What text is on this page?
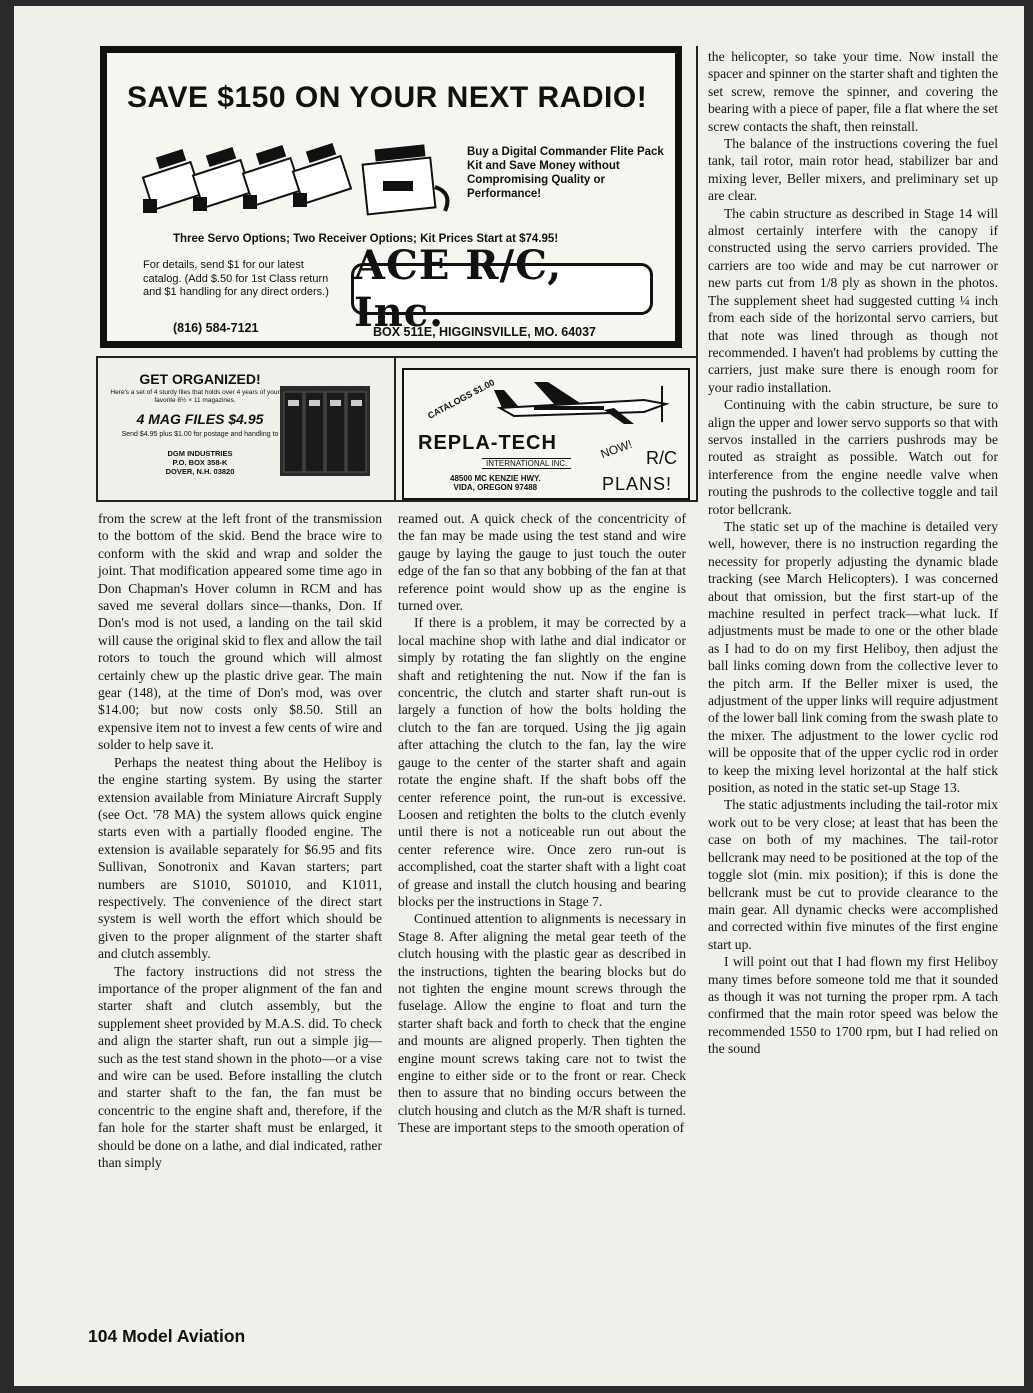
SAVE $150 ON YOUR NEXT RADIO!
Buy a Digital Commander Flite Pack Kit and Save Money without Compromising Quality or Performance!
Three Servo Options; Two Receiver Options; Kit Prices Start at $74.95!
For details, send $1 for our latest catalog. (Add $.50 for 1st Class return and $1 handling for any direct orders.)
(816) 584-7121
ACE R/C, Inc.
BOX 511E, HIGGINSVILLE, MO. 64037
GET ORGANIZED!
Here's a set of 4 sturdy files that holds over 4 years of your favorite 8½ × 11 magazines.
4 MAG FILES $4.95
Send $4.95 plus $1.00 for postage and handling to
DGM INDUSTRIES
P.O. BOX 358-K
DOVER, N.H. 03820
CATALOGS $1.00
REPLA-TECH
INTERNATIONAL INC.
48500 MC KENZIE HWY.
VIDA, OREGON 97488
NOW! R/C
PLANS!

from the screw at the left front of the transmission to the bottom of the skid. Bend the brace wire to conform with the skid and wrap and solder the joint. That modification appeared some time ago in Don Chapman's Hover column in RCM and has saved me several dollars since—thanks, Don. If Don's mod is not used, a landing on the tail skid will cause the original skid to flex and allow the tail rotors to touch the ground which will almost certainly chew up the plastic drive gear. The main gear (148), at the time of Don's mod, was over $14.00; but now costs only $8.50. Still an expensive item not to invest a few cents of wire and solder to help save it.

Perhaps the neatest thing about the Heliboy is the engine starting system. By using the starter extension available from Miniature Aircraft Supply (see Oct. '78 MA) the system allows quick engine starts even with a partially flooded engine. The extension is available separately for $6.95 and fits Sullivan, Sonotronix and Kavan starters; part numbers are S1010, S01010, and K1011, respectively. The convenience of the direct start system is well worth the effort which should be given to the proper alignment of the starter shaft and clutch assembly.

The factory instructions did not stress the importance of the proper alignment of the fan and starter shaft and clutch assembly, but the supplement sheet provided by M.A.S. did. To check and align the starter shaft, run out a simple jig—such as the test stand shown in the photo—or a vise and wire can be used. Before installing the clutch and starter shaft to the fan, the fan must be concentric to the engine shaft and, therefore, if the fan hole for the starter shaft must be enlarged, it should be done on a lathe, and dial indicated, rather than simply

reamed out. A quick check of the concentricity of the fan may be made using the test stand and wire gauge by laying the gauge to just touch the outer edge of the fan so that any bobbing of the fan at that reference point would show up as the engine is turned over.

If there is a problem, it may be corrected by a local machine shop with lathe and dial indicator or simply by rotating the fan slightly on the engine shaft and retightening the nut. Now if the fan is concentric, the clutch and starter shaft run-out is largely a function of how the bolts holding the clutch to the fan are torqued. Using the jig again after attaching the clutch to the fan, lay the wire gauge to the center of the starter shaft and again rotate the engine shaft. If the shaft bobs off the center reference point, the run-out is excessive. Loosen and retighten the bolts to the clutch evenly until there is not a noticeable run out about the center reference wire. Once zero run-out is accomplished, coat the starter shaft with a light coat of grease and install the clutch housing and bearing blocks per the instructions in Stage 7.

Continued attention to alignments is necessary in Stage 8. After aligning the metal gear teeth of the clutch housing with the plastic gear as described in the instructions, tighten the bearing blocks but do not tighten the engine mount screws through the fuselage. Allow the engine to float and turn the starter shaft back and forth to check that the engine and mounts are aligned properly. Then tighten the engine mount screws taking care not to twist the engine to either side or to the front or rear. Check then to assure that no binding occurs between the clutch housing and clutch as the M/R shaft is turned. These are important steps to the smooth operation of

the helicopter, so take your time. Now install the spacer and spinner on the starter shaft and tighten the set screw, remove the spinner, and covering the bearing with a piece of paper, file a flat where the set screw contacts the shaft, then reinstall.

The balance of the instructions covering the fuel tank, tail rotor, main rotor head, stabilizer bar and mixing lever, Beller mixers, and preliminary set up are clear.

The cabin structure as described in Stage 14 will almost certainly interfere with the canopy if constructed using the servo carriers provided. The carriers are too wide and may be cut narrower or new parts cut from 1/8 ply as shown in the photos. The supplement sheet had suggested cutting ¼ inch from each side of the horizontal servo carriers, but that note was lined through as though not recommended. I haven't had problems by cutting the carriers, just make sure there is enough room for your radio installation.

Continuing with the cabin structure, be sure to align the upper and lower servo supports so that with servos installed in the carriers pushrods may be routed as straight as possible. Watch out for interference from the engine needle valve when routing the pushrods to the collective toggle and tail rotor bellcrank.

The static set up of the machine is detailed very well, however, there is no instruction regarding the necessity for properly adjusting the dynamic blade tracking (see March Helicopters). I was concerned about that omission, but the first start-up of the machine resulted in perfect track—what luck. If adjustments must be made to one or the other blade as I had to do on my first Heliboy, then adjust the ball links coming down from the collective lever to the pitch arm. If the Beller mixer is used, the adjustment of the upper links will require adjustment of the lower ball link coming from the swash plate to the mixer. The adjustment to the lower cyclic rod will be opposite that of the upper cyclic rod in order to keep the mixing level horizontal at the half stick position, as noted in the static set-up Stage 13.

The static adjustments including the tail-rotor mix work out to be very close; at least that has been the case on both of my machines. The tail-rotor bellcrank may need to be positioned at the top of the toggle slot (min. mix position); if this is done the bellcrank must be cut to provide clearance to the main gear. All dynamic checks were accomplished and corrected within five minutes of the first engine start up.

I will point out that I had flown my first Heliboy many times before someone told me that it sounded as though it was not turning the proper rpm. A tach confirmed that the main rotor speed was below the recommended 1550 to 1700 rpm, but I had relied on the sound

104 Model Aviation
